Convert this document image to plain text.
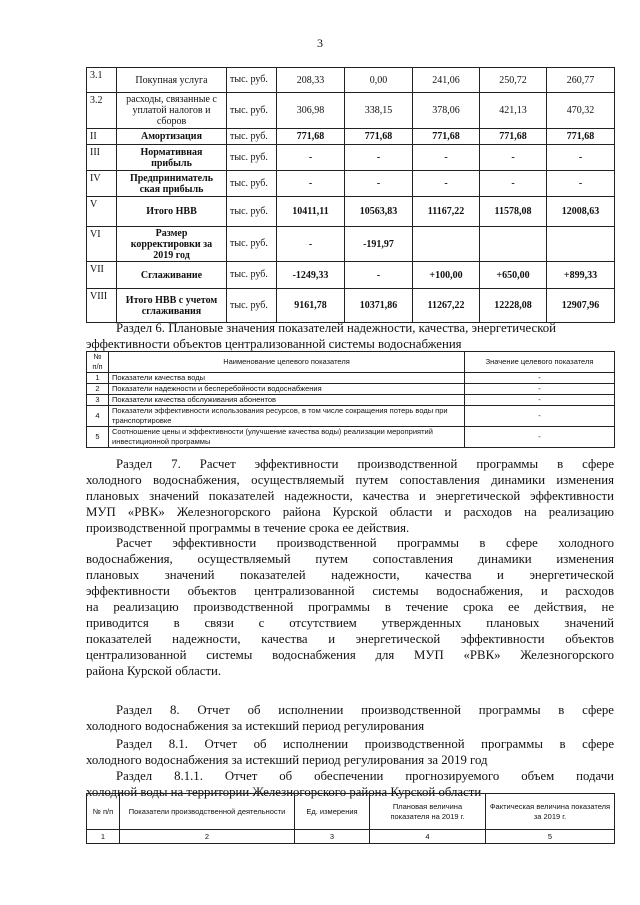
3
3.1	Покупная услуга	тыс. руб.	208,33	0,00	241,06	250,72	260,77
3.2	расходы, связанные с уплатой налогов и сборов	тыс. руб.	306,98	338,15	378,06	421,13	470,32
II	Амортизация	тыс. руб.	771,68	771,68	771,68	771,68	771,68
III	Нормативная прибыль	тыс. руб.	-	-	-	-	-
IV	Предприниматель ская прибыль	тыс. руб.	-	-	-	-	-
V	Итого НВВ	тыс. руб.	10411,11	10563,83	11167,22	11578,08	12008,63
VI	Размер корректировки за 2019 год	тыс. руб.	-	-191,97			
VII	Сглаживание	тыс. руб.	-1249,33	-	+100,00	+650,00	+899,33
VIII	Итого НВВ с учетом сглаживания	тыс. руб.	9161,78	10371,86	11267,22	12228,08	12907,96
Раздел 6. Плановые значения показателей надежности, качества, энергетической
эффективности объектов централизованной системы водоснабжения
№ п/п	Наименование целевого показателя	Значение целевого показателя
1	Показатели качества воды	-
2	Показатели надежности и бесперебойности водоснабжения	-
3	Показатели качества обслуживания абонентов	-
4	Показатели эффективности использования ресурсов, в том числе сокращения потерь воды при транспортировке	-
5	Соотношение цены и эффективности (улучшение качества воды) реализации мероприятий инвестиционной программы	-
Раздел 7. Расчет эффективности производственной программы в сфере
холодного водоснабжения, осуществляемый путем сопоставления динамики изменения
плановых значений показателей надежности, качества и энергетической эффективности
МУП «РВК» Железногорского района Курской области и расходов на реализацию
производственной программы в течение срока ее действия.
Расчет эффективности производственной программы в сфере холодного
водоснабжения, осуществляемый путем сопоставления динамики изменения
плановых значений показателей надежности, качества и энергетической
эффективности объектов централизованной системы водоснабжения, и расходов
на реализацию производственной программы в течение срока ее действия, не
приводится в связи с отсутствием утвержденных плановых значений
показателей надежности, качества и энергетической эффективности объектов
централизованной системы водоснабжения для МУП «РВК» Железногорского
района Курской области.
Раздел 8. Отчет об исполнении производственной программы в сфере
холодного водоснабжения за истекший период регулирования
Раздел 8.1. Отчет об исполнении производственной программы в сфере
холодного водоснабжения за истекший период регулирования за 2019 год
Раздел 8.1.1. Отчет об обеспечении прогнозируемого объем подачи
холодной воды на территории Железногорского района Курской области
№ п/п	Показатели производственной деятельности	Ед. измерения	Плановая величина показателя на 2019 г.	Фактическая величина показателя за 2019 г.
1	2	3	4	5
